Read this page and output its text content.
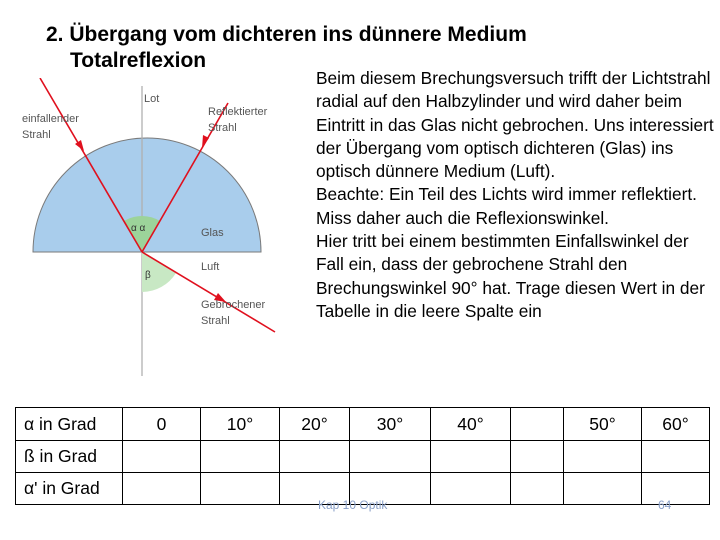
2. Übergang vom dichteren ins dünnere Medium
Totalreflexion
Lot
einfallender
Strahl
Reflektierter
Strahl
α α
β
Glas
Luft
Gebrochener
Strahl

Beim diesem Brechungsversuch trifft der Lichtstrahl radial auf den Halbzylinder und wird daher beim Eintritt in das Glas nicht gebrochen. Uns interessiert der Übergang vom optisch dichteren (Glas) ins optisch dünnere Medium (Luft).

Beachte: Ein Teil des Lichts wird immer reflektiert. Miss daher auch die Reflexionswinkel.

Hier tritt bei einem bestimmten Einfallswinkel der Fall ein, dass der gebrochene Strahl den Brechungswinkel 90° hat. Trage diesen Wert in der Tabelle in die leere Spalte ein

α in Grad	0	10°	20°	30°	40°		50°	60°
ß in Grad								
α' in Grad								
Kap 10 Optik	64
